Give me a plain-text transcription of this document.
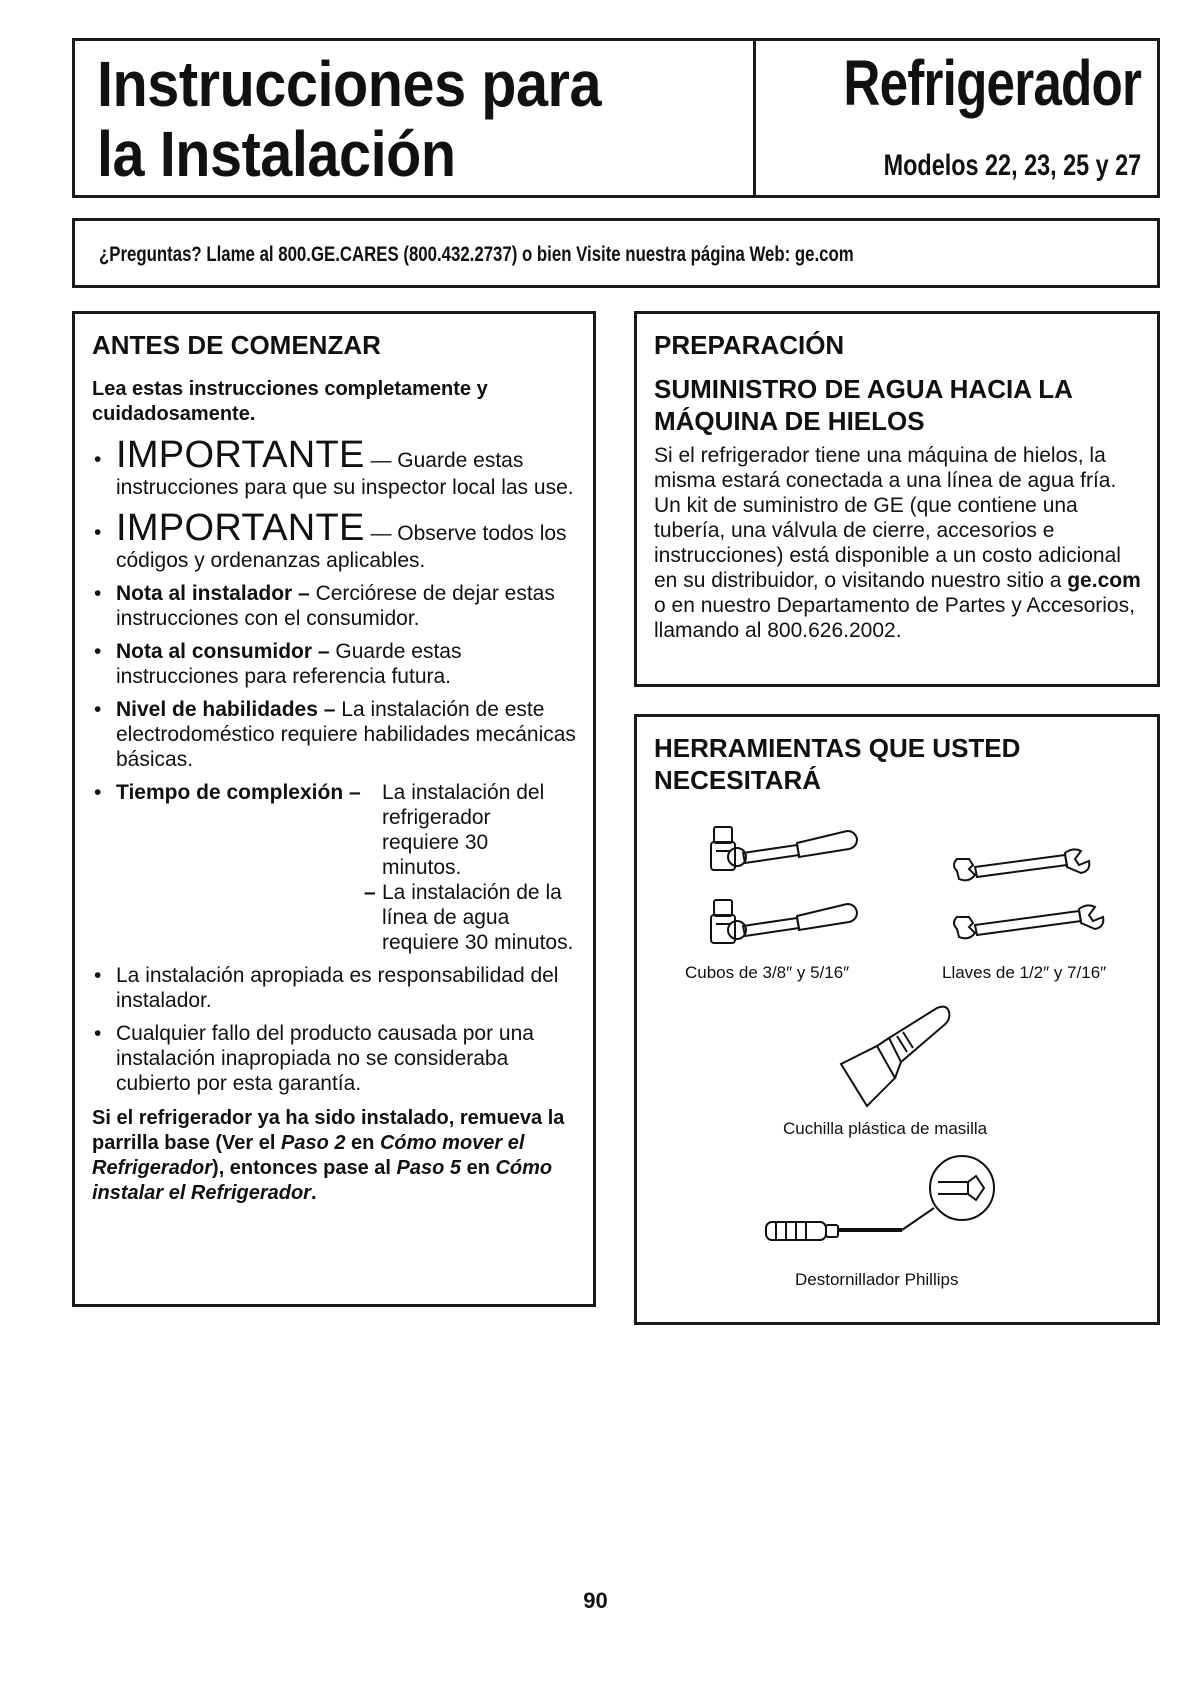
Instrucciones para
la Instalación
Refrigerador
Modelos 22, 23, 25 y 27
¿Preguntas? Llame al 800.GE.CARES (800.432.2737) o bien Visite nuestra página Web: ge.com
ANTES DE COMENZAR
Lea estas instrucciones completamente y cuidadosamente.
• IMPORTANTE — Guarde estas instrucciones para que su inspector local las use.
• IMPORTANTE — Observe todos los códigos y ordenanzas aplicables.
• Nota al instalador – Cerciórese de dejar estas instrucciones con el consumidor.
• Nota al consumidor – Guarde estas instrucciones para referencia futura.
• Nivel de habilidades – La instalación de este electrodoméstico requiere habilidades mecánicas básicas.
• Tiempo de complexión – La instalación del refrigerador requiere 30 minutos.
– La instalación de la línea de agua requiere 30 minutos.
• La instalación apropiada es responsabilidad del instalador.
• Cualquier fallo del producto causada por una instalación inapropiada no se consideraba cubierto por esta garantía.
Si el refrigerador ya ha sido instalado, remueva la parrilla base (Ver el Paso 2 en Cómo mover el Refrigerador), entonces pase al Paso 5 en Cómo instalar el Refrigerador.
PREPARACIÓN
SUMINISTRO DE AGUA HACIA LA MÁQUINA DE HIELOS
Si el refrigerador tiene una máquina de hielos, la misma estará conectada a una línea de agua fría. Un kit de suministro de GE (que contiene una tubería, una válvula de cierre, accesorios e instrucciones) está disponible a un costo adicional en su distribuidor, o visitando nuestro sitio a ge.com o en nuestro Departamento de Partes y Accesorios, llamando al 800.626.2002.
HERRAMIENTAS QUE USTED NECESITARÁ
Cubos de 3/8″ y 5/16″	Llaves de 1/2″ y 7/16″
Cuchilla plástica de masilla
Destornillador Phillips
90
